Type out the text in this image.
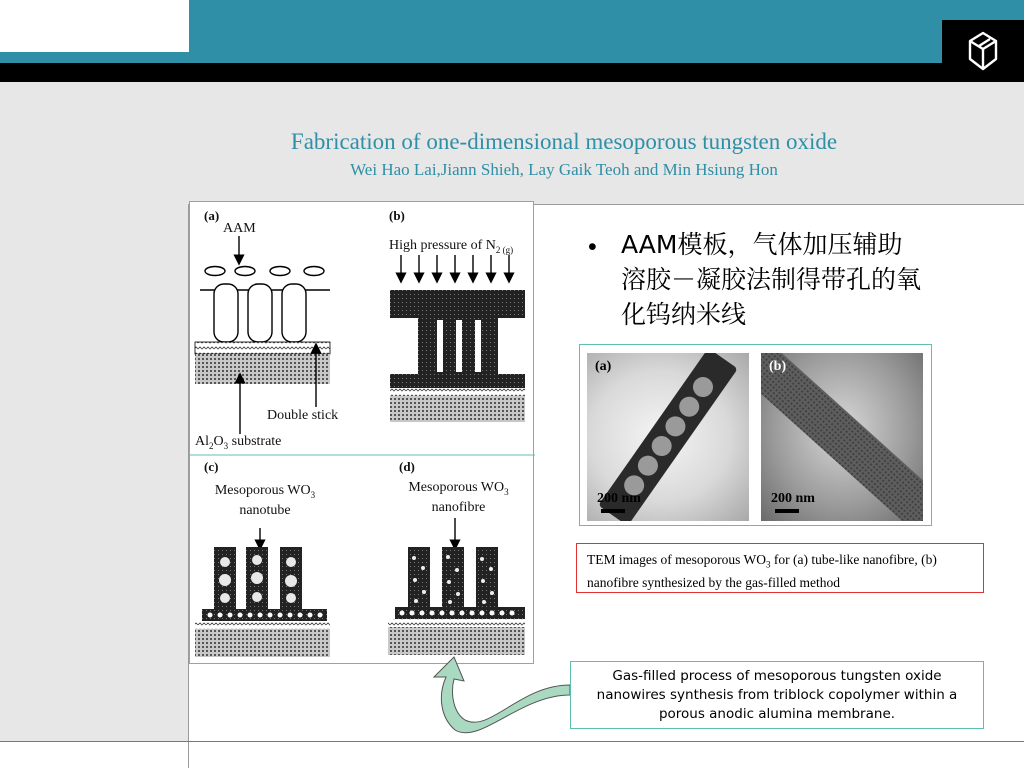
Fabrication of one-dimensional mesoporous tungsten oxide
Wei Hao Lai,Jiann Shieh, Lay Gaik Teoh and Min Hsiung Hon
(a)	(b)
AAM
High pressure of $N_{2 (g)}$
Double stick
$Al_2O_3$ substrate
(c)	(d)
Mesoporous $WO_3$
nanotube
Mesoporous $WO_3$
nanofibre
• AAM模板，气体加压辅助溶胶－凝胶法制得带孔的氧化钨纳米线
(a)
200 nm
(b)
200 nm
TEM images of mesoporous $WO_3$ for (a) tube-like nanofibre, (b) nanofibre synthesized by the gas-filled method
Gas-filled process of mesoporous tungsten oxide nanowires synthesis from triblock copolymer within a porous anodic alumina membrane.
